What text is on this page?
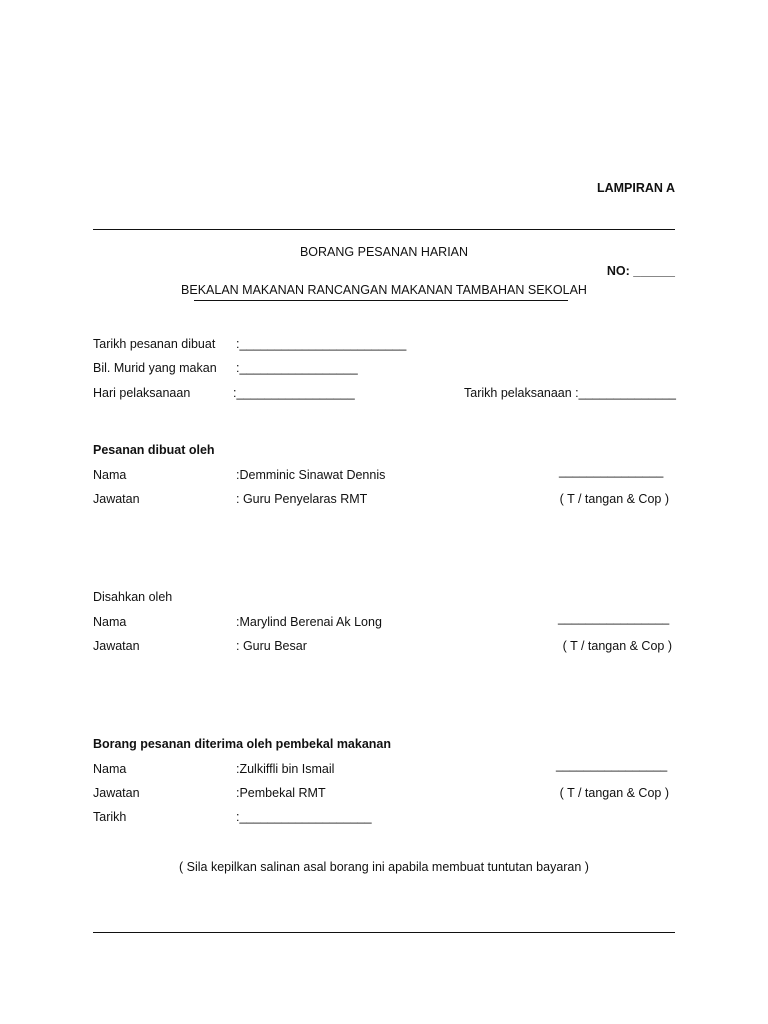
LAMPIRAN A
BORANG PESANAN HARIAN
NO: ______
BEKALAN MAKANAN RANCANGAN MAKANAN TAMBAHAN SEKOLAH
Tarikh pesanan dibuat :________________________
Bil. Murid yang makan :_________________
Hari pelaksanaan	:_________________	Tarikh pelaksanaan :______________
Pesanan dibuat oleh
Nama	:Demminic Sinawat Dennis	_______________
Jawatan	: Guru Penyelaras RMT	( T / tangan & Cop )
Disahkan oleh
Nama	:Marylind Berenai Ak Long	________________
Jawatan	: Guru Besar	( T / tangan & Cop )
Borang pesanan diterima oleh pembekal makanan
Nama	:Zulkiffli bin Ismail	________________
Jawatan	:Pembekal RMT	( T / tangan & Cop )
Tarikh	:___________________
( Sila kepilkan salinan asal borang ini apabila membuat tuntutan bayaran )
